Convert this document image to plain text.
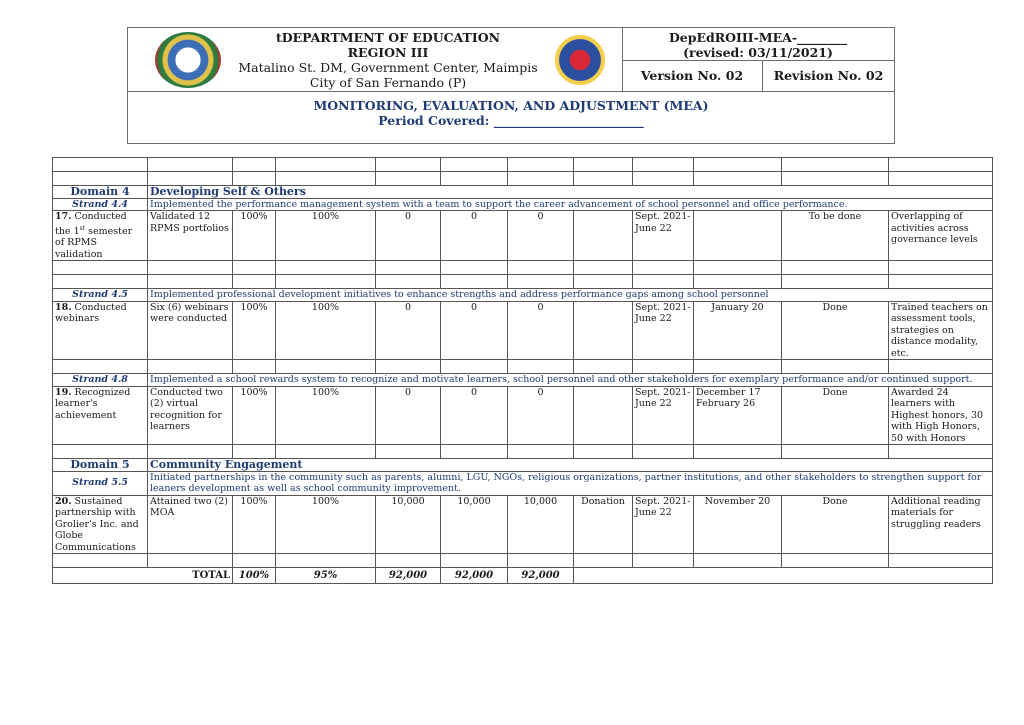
tDEPARTMENT OF EDUCATION
REGION III
Matalino St. DM, Government Center, Maimpis
City of San Fernando (P)
DepEdROIII-MEA-________
(revised: 03/11/2021)
Version No. 02	Revision No. 02
MONITORING, EVALUATION, AND ADJUSTMENT (MEA)
Period Covered: ________________________

Domain 4	Developing Self & Others										
Strand 4.4	Implemented the performance management system with a team to support the career advancement of school personnel and office performance.										
17. Conducted
the 1st semester
of RPMS
validation	Validated 12 RPMS portfolios	100%	100%	0	0	0		Sept. 2021- June 22		To be done	Overlapping of activities across governance levels

Strand 4.5	Implemented professional development initiatives to enhance strengths and address performance gaps among school personnel										
18. Conducted webinars	Six (6) webinars were conducted	100%	100%	0	0	0		Sept. 2021- June 22	January 20	Done	Trained teachers on assessment tools, strategies on distance modality, etc.

Strand 4.8	Implemented a school rewards system to recognize and motivate learners, school personnel and other stakeholders for exemplary performance and/or continued support.										
19. Recognized learner's achievement	Conducted two (2) virtual recognition for learners	100%	100%	0	0	0		Sept. 2021- June 22	December 17 February 26	Done	Awarded 24 learners with Highest honors, 30 with High Honors, 50 with Honors

Domain 5	Community Engagement										
Strand 5.5	Initiated partnerships in the community such as parents, alumni, LGU, NGOs, religious organizations, partner institutions, and other stakeholders to strengthen support for leaners development as well as school community improvement.										
20. Sustained partnership with Grolier's Inc. and Globe Communications	Attained two (2) MOA	100%	100%	10,000	10,000	10,000	Donation	Sept. 2021- June 22	November 20	Done	Additional reading materials for struggling readers

TOTAL		100%	95%	92,000	92,000	92,000					
